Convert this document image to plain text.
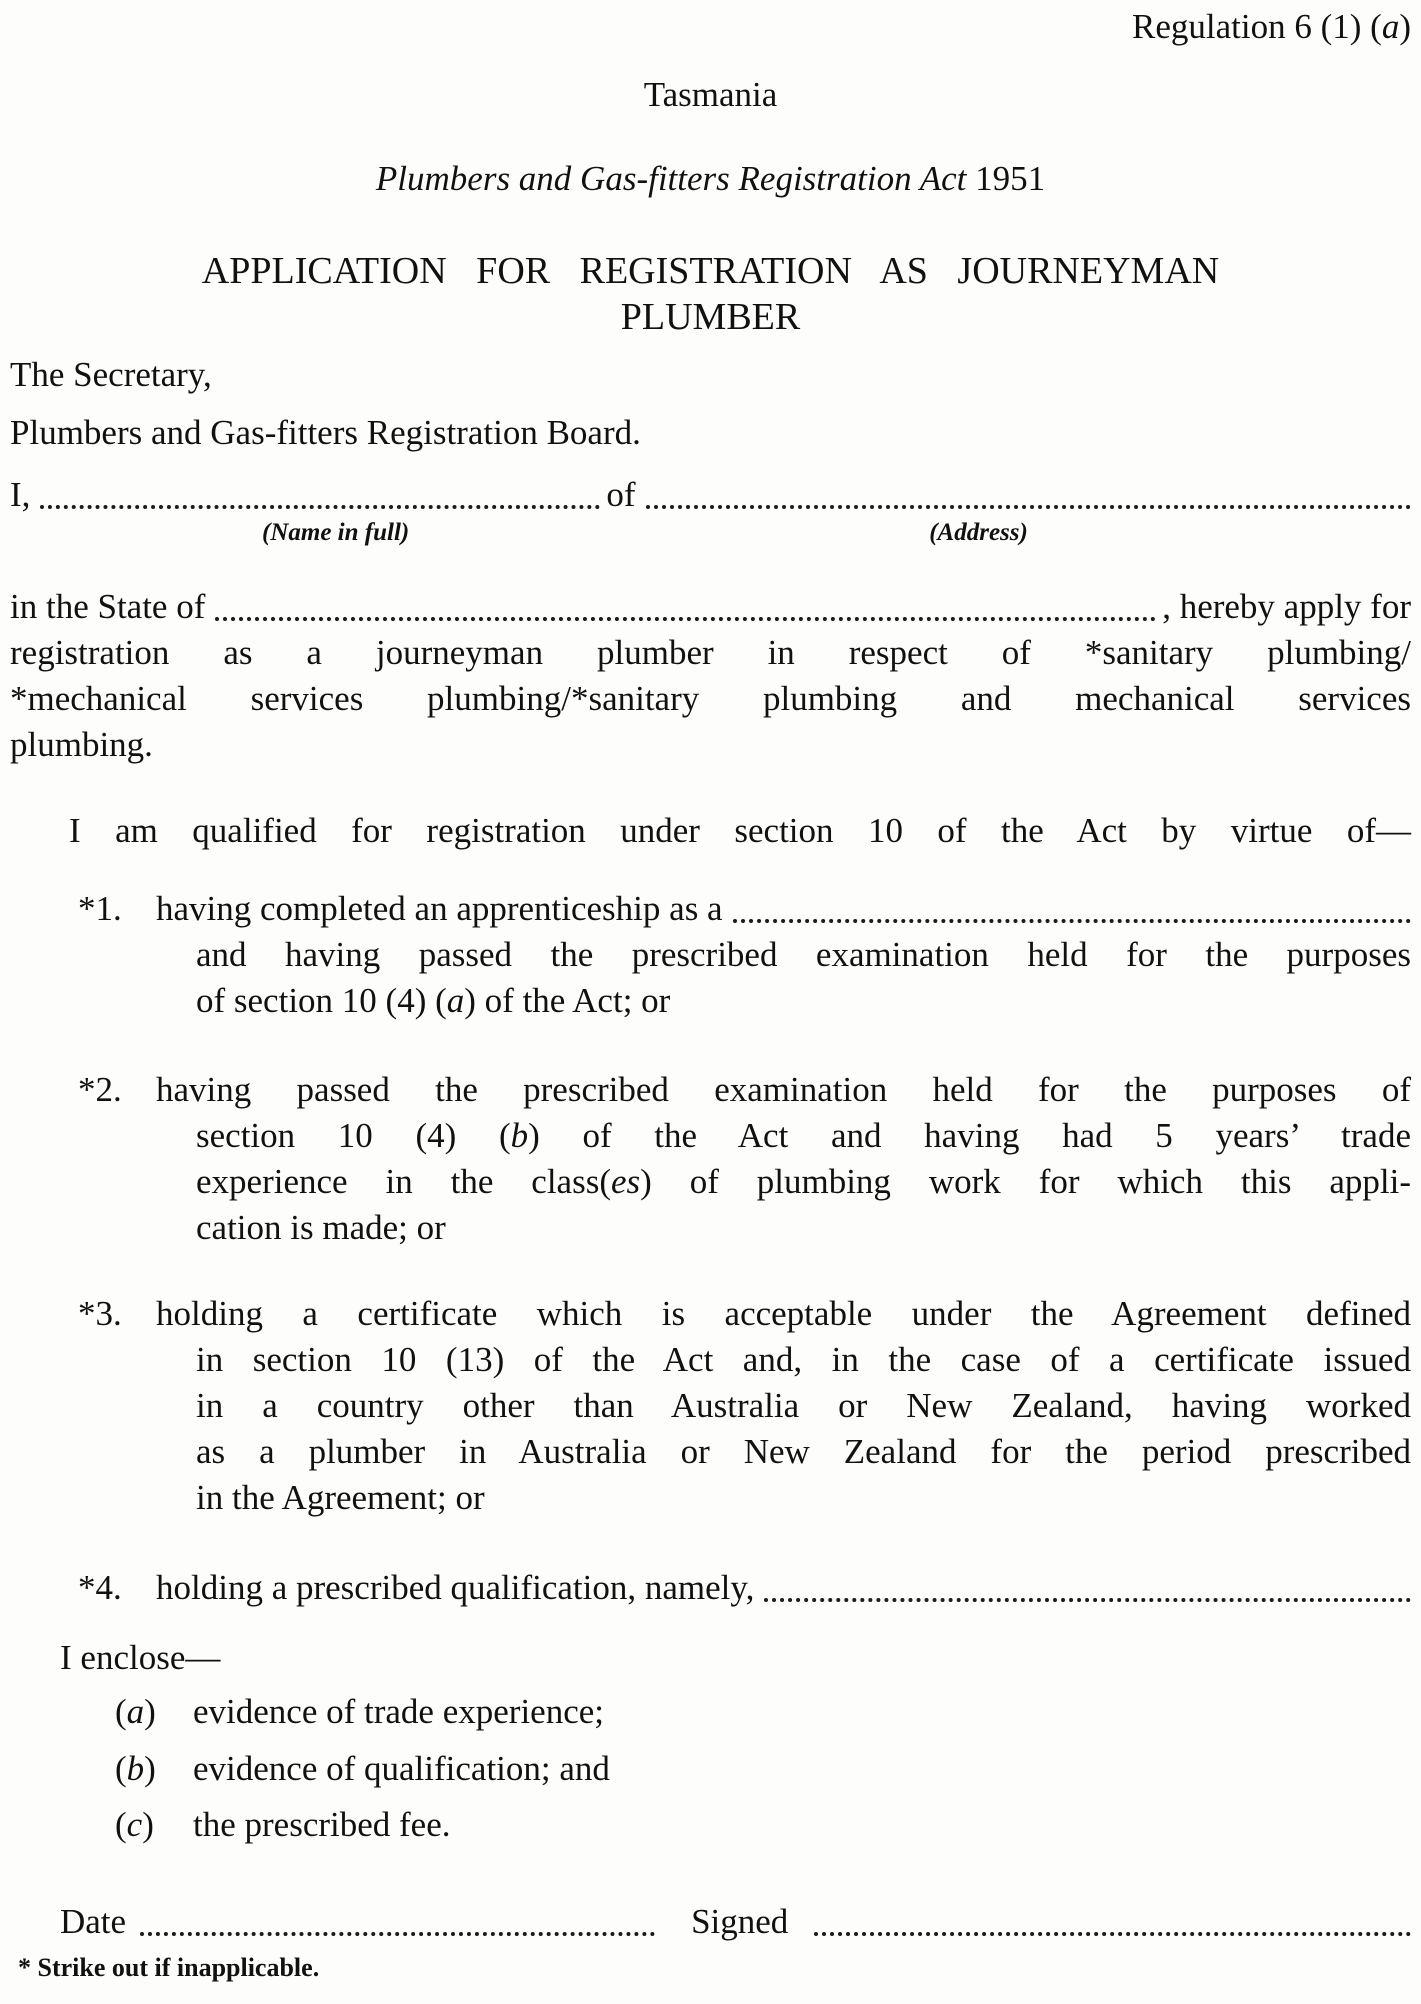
Regulation 6 (1) (a)
Tasmania
Plumbers and Gas-fitters Registration Act 1951
APPLICATION FOR REGISTRATION AS JOURNEYMAN
PLUMBER
The Secretary,
Plumbers and Gas-fitters Registration Board.
I,	of
(Name in full)	(Address)
in the State of	, hereby apply for
registration as a journeyman plumber in respect of *sanitary plumbing/
*mechanical services plumbing/*sanitary plumbing and mechanical services
plumbing.
I am qualified for registration under section 10 of the Act by virtue of—
*1. having completed an apprenticeship as a
and having passed the prescribed examination held for the purposes
of section 10 (4) (a) of the Act; or
*2. having passed the prescribed examination held for the purposes of
section 10 (4) (b) of the Act and having had 5 years’ trade
experience in the class(es) of plumbing work for which this appli-
cation is made; or
*3. holding a certificate which is acceptable under the Agreement defined
in section 10 (13) of the Act and, in the case of a certificate issued
in a country other than Australia or New Zealand, having worked
as a plumber in Australia or New Zealand for the period prescribed
in the Agreement; or
*4. holding a prescribed qualification, namely,
I enclose—
(a) evidence of trade experience;
(b) evidence of qualification; and
(c) the prescribed fee.
Date	Signed
* Strike out if inapplicable.
